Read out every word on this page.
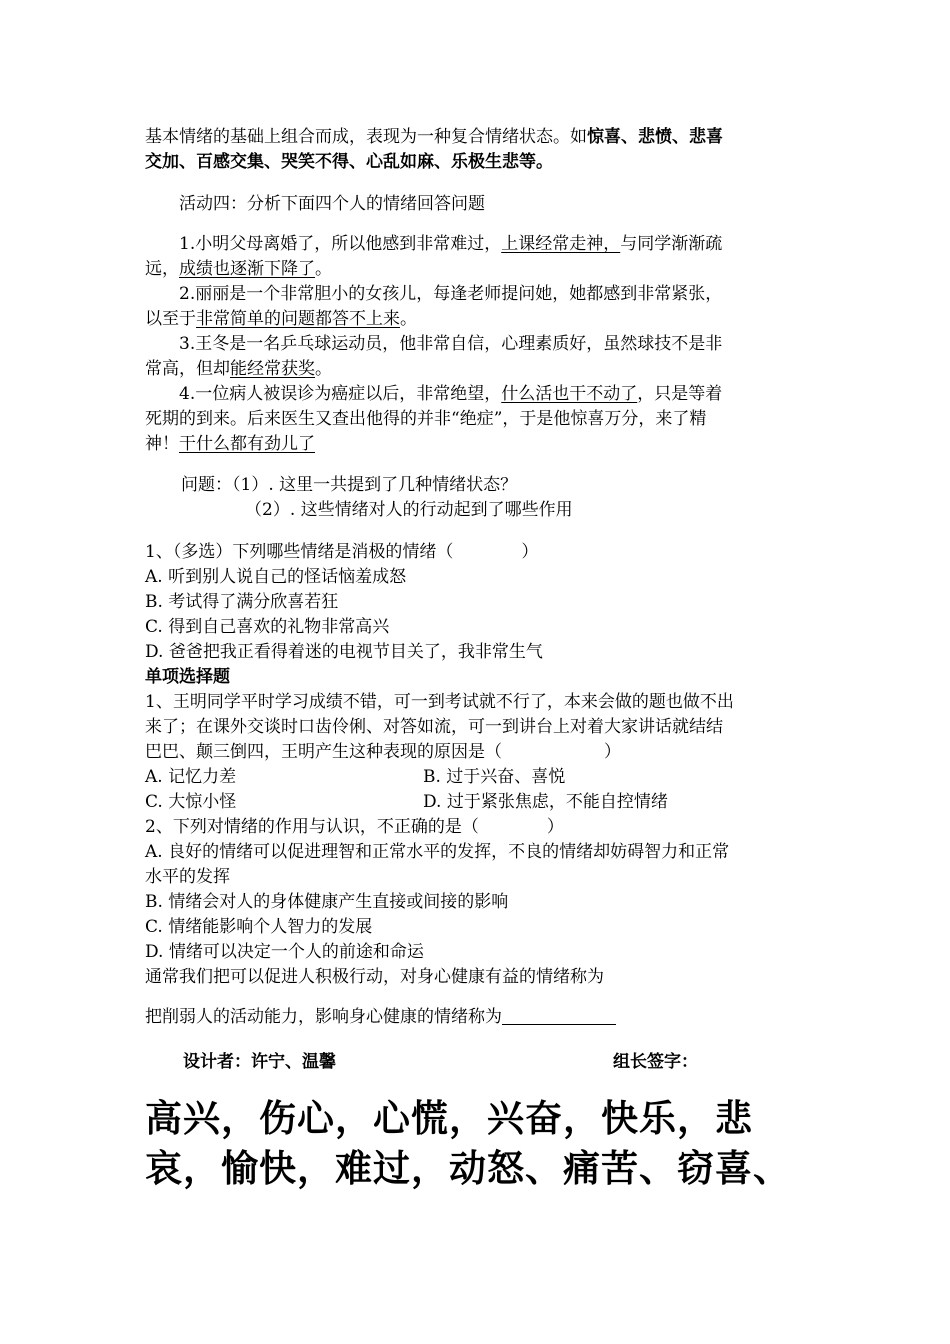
基本情绪的基础上组合而成，表现为一种复合情绪状态。如惊喜、悲愤、悲喜
交加、百感交集、哭笑不得、心乱如麻、乐极生悲等。
活动四：分析下面四个人的情绪回答问题
1.小明父母离婚了，所以他感到非常难过，上课经常走神，与同学渐渐疏
远，成绩也逐渐下降了。
2.丽丽是一个非常胆小的女孩儿，每逢老师提问她，她都感到非常紧张，
以至于非常简单的问题都答不上来。
3.王冬是一名乒乓球运动员，他非常自信，心理素质好，虽然球技不是非
常高，但却能经常获奖。
4.一位病人被误诊为癌症以后，非常绝望，什么活也干不动了，只是等着
死期的到来。后来医生又查出他得的并非“绝症”，于是他惊喜万分，来了精
神！干什么都有劲儿了
问题：（1）. 这里一共提到了几种情绪状态？
（2）. 这些情绪对人的行动起到了哪些作用
1、（多选）下列哪些情绪是消极的情绪（　　　　）
A. 听到别人说自己的怪话恼羞成怒
B. 考试得了满分欣喜若狂
C. 得到自己喜欢的礼物非常高兴
D. 爸爸把我正看得着迷的电视节目关了，我非常生气
单项选择题
1、王明同学平时学习成绩不错，可一到考试就不行了，本来会做的题也做不出
来了；在课外交谈时口齿伶俐、对答如流，可一到讲台上对着大家讲话就结结
巴巴、颠三倒四，王明产生这种表现的原因是（　　　　　　）
A. 记忆力差	B. 过于兴奋、喜悦
C. 大惊小怪	D. 过于紧张焦虑，不能自控情绪
2、下列对情绪的作用与认识，不正确的是（　　　　）
A. 良好的情绪可以促进理智和正常水平的发挥，不良的情绪却妨碍智力和正常
水平的发挥
B. 情绪会对人的身体健康产生直接或间接的影响
C. 情绪能影响个人智力的发展
D. 情绪可以决定一个人的前途和命运
通常我们把可以促进人积极行动，对身心健康有益的情绪称为
把削弱人的活动能力，影响身心健康的情绪称为
设计者：许宁、温馨	组长签字：
高兴，伤心，心慌，兴奋，快乐，悲
哀，愉快，难过，动怒、痛苦、窃喜、
